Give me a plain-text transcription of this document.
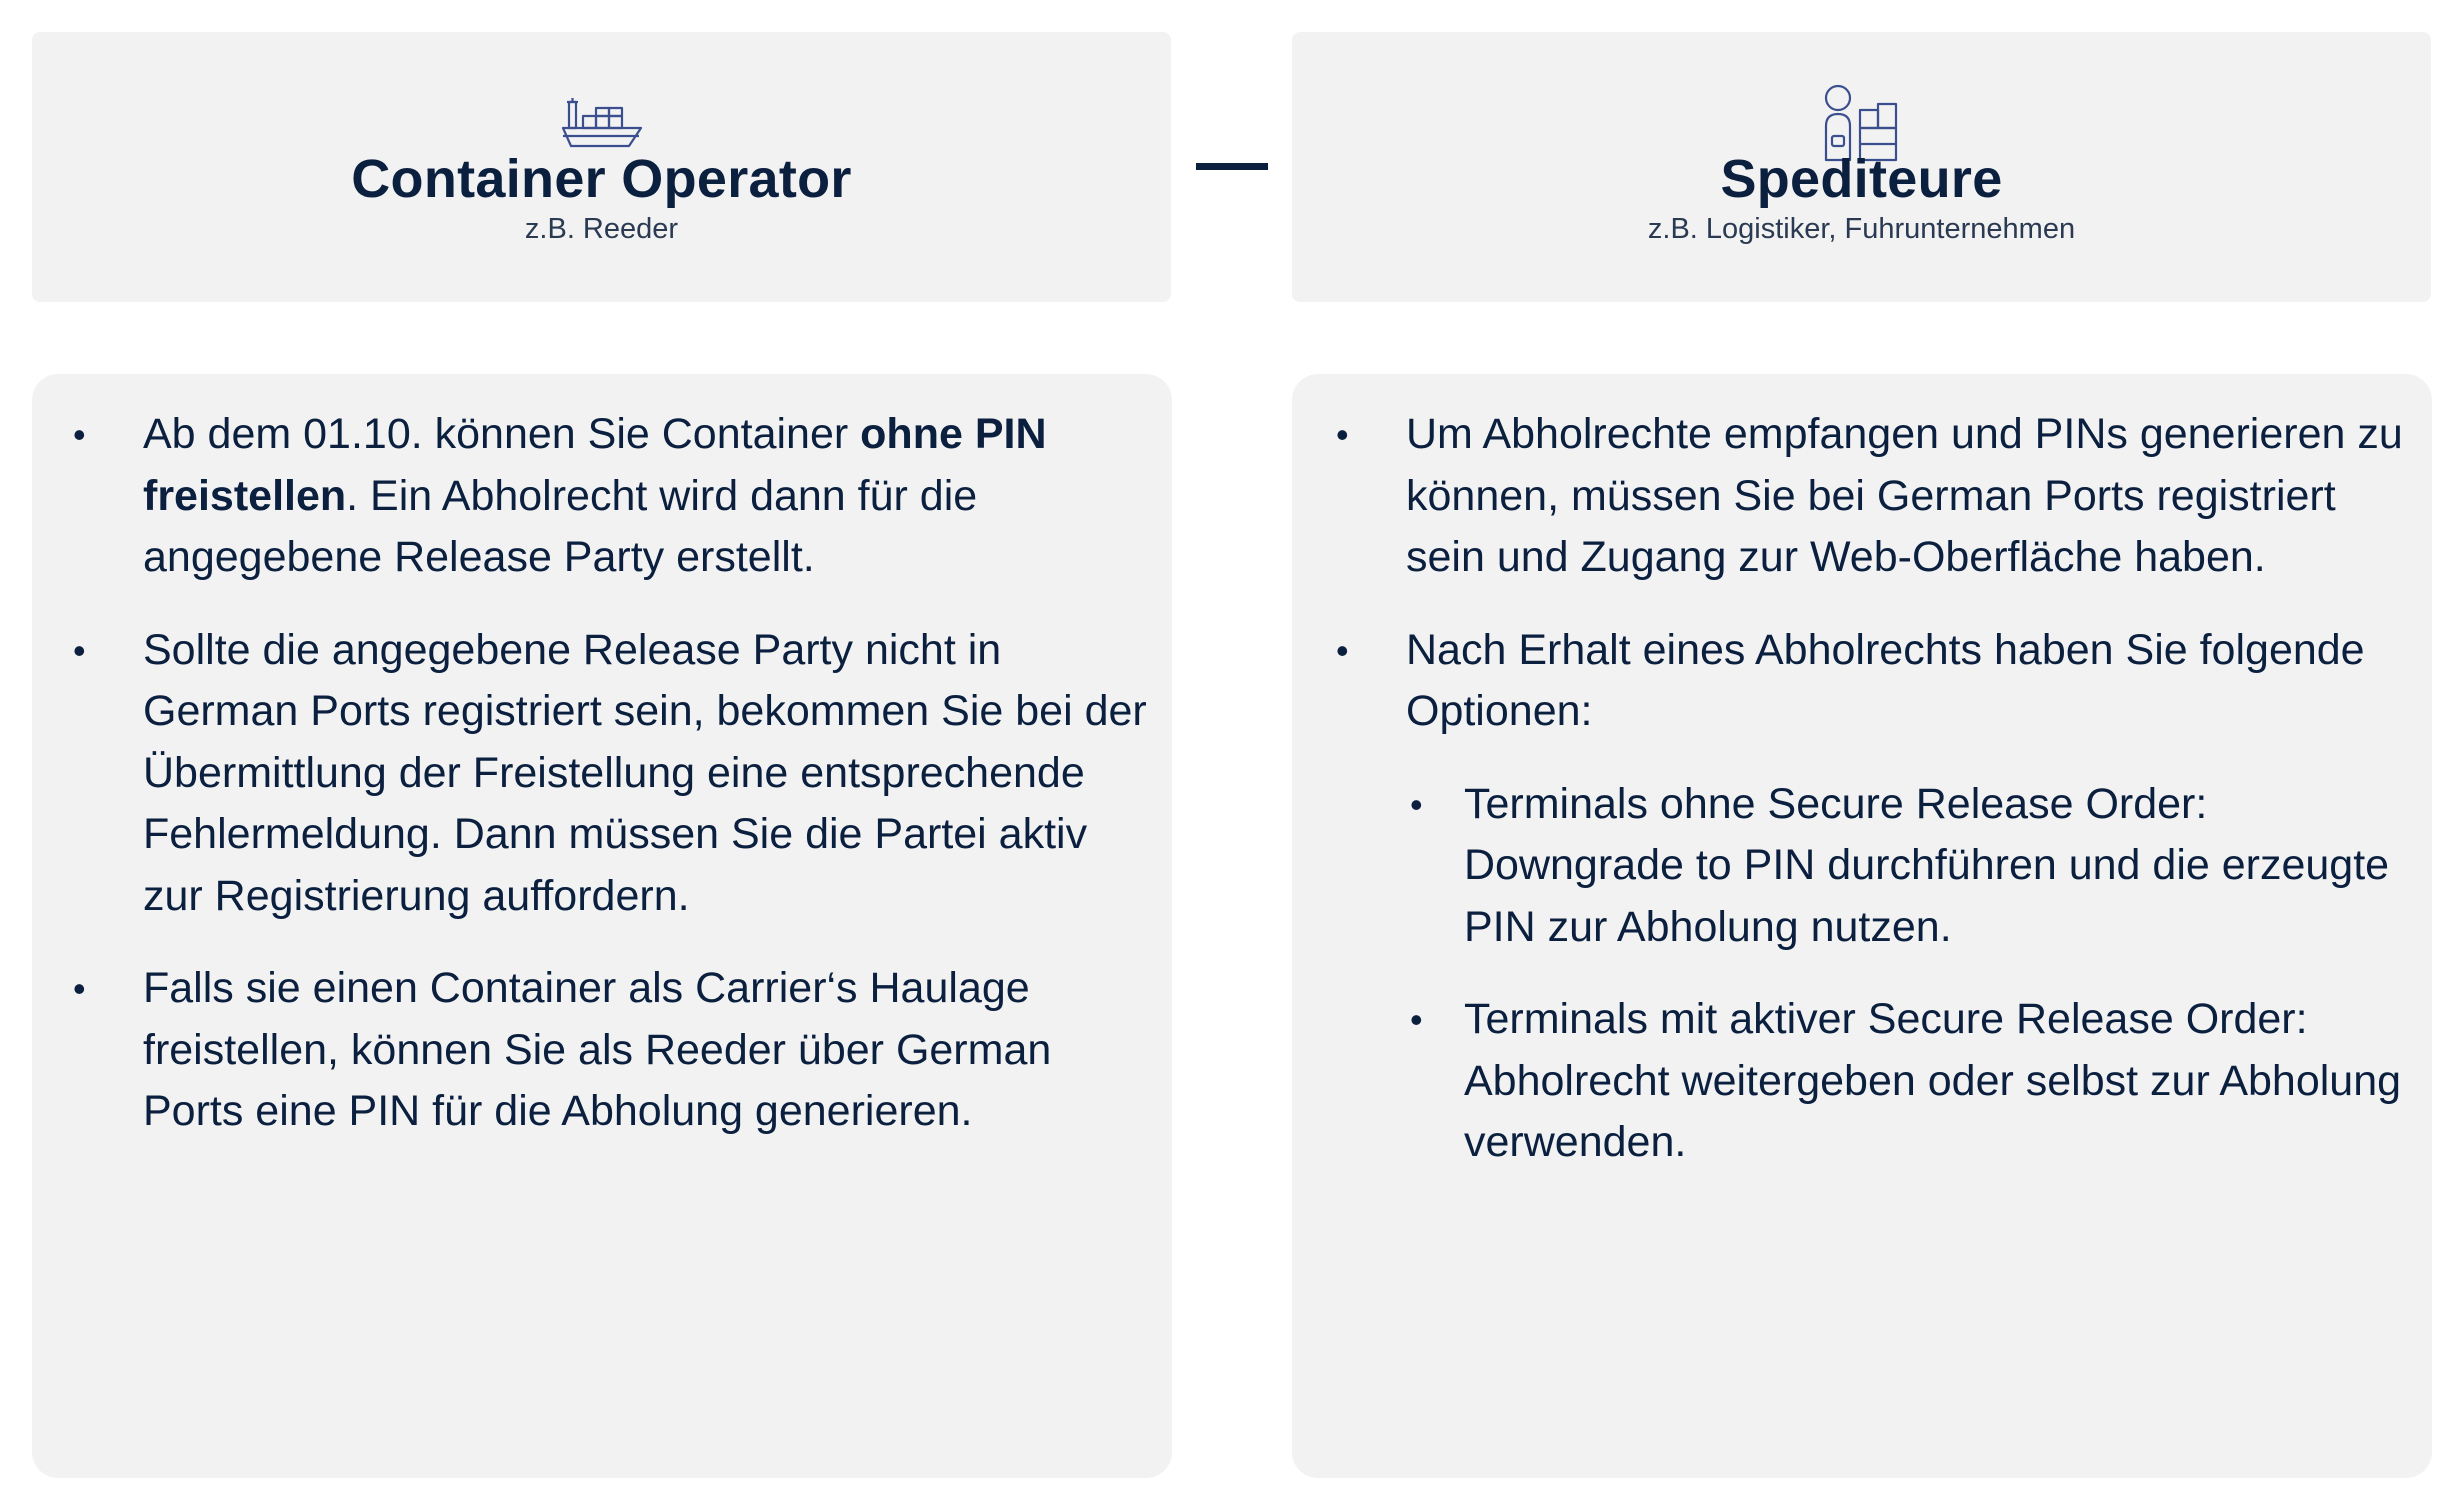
Container Operator
z.B. Reeder
Spediteure
z.B. Logistiker, Fuhrunternehmen
• Ab dem 01.10. können Sie Container ohne PIN freistellen. Ein Abholrecht wird dann für die angegebene Release Party erstellt.
• Sollte die angegebene Release Party nicht in German Ports registriert sein, bekommen Sie bei der Übermittlung der Freistellung eine entsprechende Fehlermeldung. Dann müssen Sie die Partei aktiv zur Registrierung auffordern.
• Falls sie einen Container als Carrier‘s Haulage freistellen, können Sie als Reeder über German Ports eine PIN für die Abholung generieren.
• Um Abholrechte empfangen und PINs generieren zu können, müssen Sie bei German Ports registriert sein und Zugang zur Web-Oberfläche haben.
• Nach Erhalt eines Abholrechts haben Sie folgende Optionen:
• Terminals ohne Secure Release Order: Downgrade to PIN durchführen und die erzeugte PIN zur Abholung nutzen.
• Terminals mit aktiver Secure Release Order: Abholrecht weitergeben oder selbst zur Abholung verwenden.
